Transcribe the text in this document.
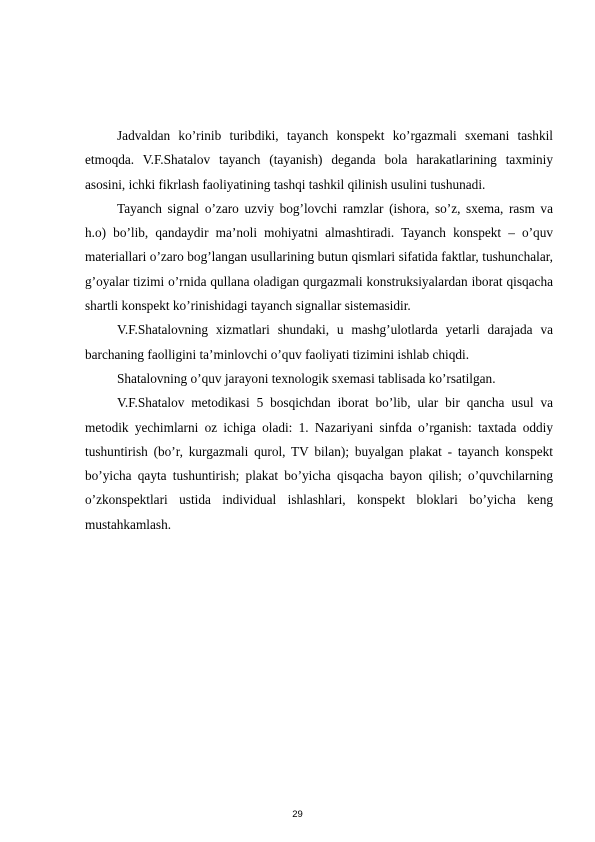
Jadvaldan ko’rinib turibdiki, tayanch konspekt ko’rgazmali sxemani tashkil etmoqda. V.F.Shatalov tayanch (tayanish) deganda bola harakatlarining taxminiy asosini, ichki fikrlash faoliyatining tashqi tashkil qilinish usulini tushunadi.

Tayanch signal o’zaro uzviy bog’lovchi ramzlar (ishora, so’z, sxema, rasm va h.o) bo’lib, qandaydir ma’noli mohiyatni almashtiradi. Tayanch konspekt – o’quv materiallari o’zaro bog’langan usullarining butun qismlari sifatida faktlar, tushunchalar, g’oyalar tizimi o’rnida qullana oladigan qurgazmali konstruksiyalardan iborat qisqacha shartli konspekt ko’rinishidagi tayanch signallar sistemasidir.

V.F.Shatalovning xizmatlari shundaki, u mashg’ulotlarda yetarli darajada va barchaning faolligini ta’minlovchi o’quv faoliyati tizimini ishlab chiqdi.

Shatalovning o’quv jarayoni texnologik sxemasi tablisada ko’rsatilgan.

V.F.Shatalov metodikasi 5 bosqichdan iborat bo’lib, ular bir qancha usul va metodik yechimlarni oz ichiga oladi: 1. Nazariyani sinfda o’rganish: taxtada oddiy tushuntirish (bo’r, kurgazmali qurol, TV bilan); buyalgan plakat - tayanch konspekt bo’yicha qayta tushuntirish; plakat bo’yicha qisqacha bayon qilish; o’quvchilarning o’zkonspektlari ustida individual ishlashlari, konspekt bloklari bo’yicha keng mustahkamlash.

29
